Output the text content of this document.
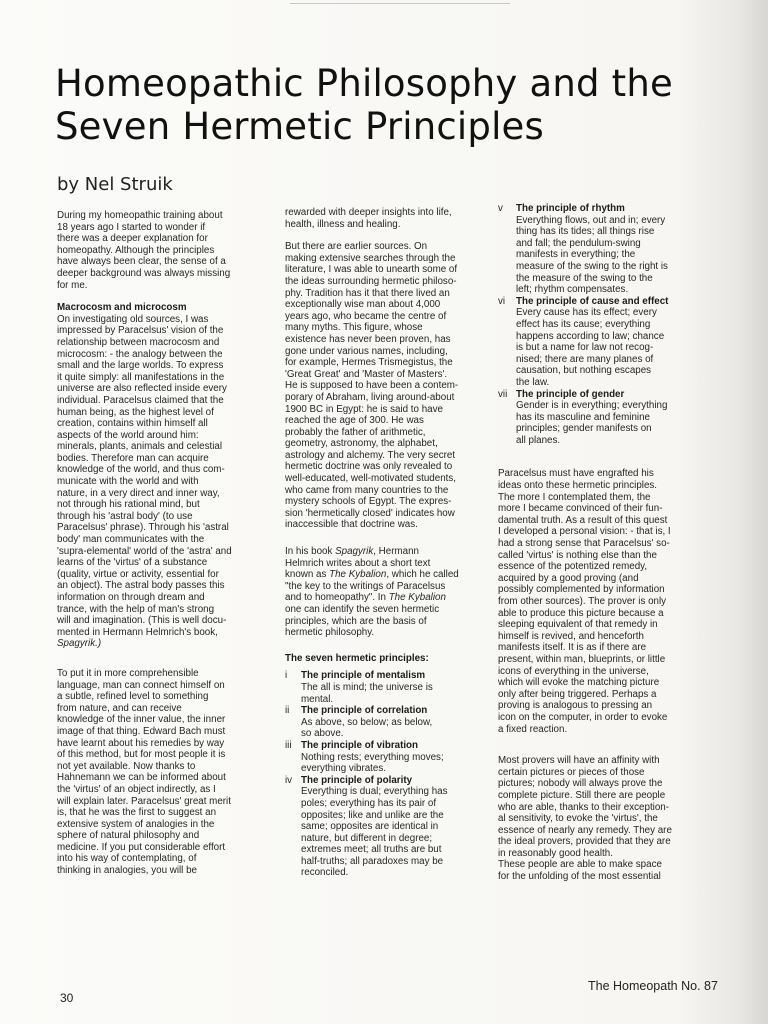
Homeopathic Philosophy and the
Seven Hermetic Principles
by Nel Struik

During my homeopathic training about
18 years ago I started to wonder if
there was a deeper explanation for
homeopathy. Although the principles
have always been clear, the sense of a
deeper background was always missing
for me.

Macrocosm and microcosm

On investigating old sources, I was
impressed by Paracelsus' vision of the
relationship between macrocosm and
microcosm: - the analogy between the
small and the large worlds. To express
it quite simply: all manifestations in the
universe are also reflected inside every
individual. Paracelsus claimed that the
human being, as the highest level of
creation, contains within himself all
aspects of the world around him:
minerals, plants, animals and celestial
bodies. Therefore man can acquire
knowledge of the world, and thus com-
municate with the world and with
nature, in a very direct and inner way,
not through his rational mind, but
through his 'astral body' (to use
Paracelsus' phrase). Through his 'astral
body' man communicates with the
'supra-elemental' world of the 'astra' and
learns of the 'virtus' of a substance
(quality, virtue or activity, essential for
an object). The astral body passes this
information on through dream and
trance, with the help of man's strong
will and imagination. (This is well docu-
mented in Hermann Helmrich's book,
Spagyrik.)

To put it in more comprehensible
language, man can connect himself on
a subtle, refined level to something
from nature, and can receive
knowledge of the inner value, the inner
image of that thing. Edward Bach must
have learnt about his remedies by way
of this method, but for most people it is
not yet available. Now thanks to
Hahnemann we can be informed about
the 'virtus' of an object indirectly, as I
will explain later. Paracelsus' great merit
is, that he was the first to suggest an
extensive system of analogies in the
sphere of natural philosophy and
medicine. If you put considerable effort
into his way of contemplating, of
thinking in analogies, you will be

rewarded with deeper insights into life,
health, illness and healing.

But there are earlier sources. On
making extensive searches through the
literature, I was able to unearth some of
the ideas surrounding hermetic philoso-
phy. Tradition has it that there lived an
exceptionally wise man about 4,000
years ago, who became the centre of
many myths. This figure, whose
existence has never been proven, has
gone under various names, including,
for example, Hermes Trismegistus, the
'Great Great' and 'Master of Masters'.
He is supposed to have been a contem-
porary of Abraham, living around-about
1900 BC in Egypt: he is said to have
reached the age of 300. He was
probably the father of arithmetic,
geometry, astronomy, the alphabet,
astrology and alchemy. The very secret
hermetic doctrine was only revealed to
well-educated, well-motivated students,
who came from many countries to the
mystery schools of Egypt. The expres-
sion 'hermetically closed' indicates how
inaccessible that doctrine was.

In his book Spagyrik, Hermann
Helmrich writes about a short text
known as The Kybalion, which he called
"the key to the writings of Paracelsus
and to homeopathy". In The Kybalion
one can identify the seven hermetic
principles, which are the basis of
hermetic philosophy.

The seven hermetic principles:
i The principle of mentalism
The all is mind; the universe is
mental.
ii The principle of correlation
As above, so below; as below,
so above.
iii The principle of vibration
Nothing rests; everything moves;
everything vibrates.
iv The principle of polarity
Everything is dual; everything has
poles; everything has its pair of
opposites; like and unlike are the
same; opposites are identical in
nature, but different in degree;
extremes meet; all truths are but
half-truths; all paradoxes may be
reconciled.
v The principle of rhythm
Everything flows, out and in; every
thing has its tides; all things rise
and fall; the pendulum-swing
manifests in everything; the
measure of the swing to the right is
the measure of the swing to the
left; rhythm compensates.
vi The principle of cause and effect
Every cause has its effect; every
effect has its cause; everything
happens according to law; chance
is but a name for law not recog-
nised; there are many planes of
causation, but nothing escapes
the law.
vii The principle of gender
Gender is in everything; everything
has its masculine and feminine
principles; gender manifests on
all planes.

Paracelsus must have engrafted his
ideas onto these hermetic principles.
The more I contemplated them, the
more I became convinced of their fun-
damental truth. As a result of this quest
I developed a personal vision: - that is, I
had a strong sense that Paracelsus' so-
called 'virtus' is nothing else than the
essence of the potentized remedy,
acquired by a good proving (and
possibly complemented by information
from other sources). The prover is only
able to produce this picture because a
sleeping equivalent of that remedy in
himself is revived, and henceforth
manifests itself. It is as if there are
present, within man, blueprints, or little
icons of everything in the universe,
which will evoke the matching picture
only after being triggered. Perhaps a
proving is analogous to pressing an
icon on the computer, in order to evoke
a fixed reaction.

Most provers will have an affinity with
certain pictures or pieces of those
pictures; nobody will always prove the
complete picture. Still there are people
who are able, thanks to their exception-
al sensitivity, to evoke the 'virtus', the
essence of nearly any remedy. They are
the ideal provers, provided that they are
in reasonably good health.
These people are able to make space
for the unfolding of the most essential

30
The Homeopath No. 87
